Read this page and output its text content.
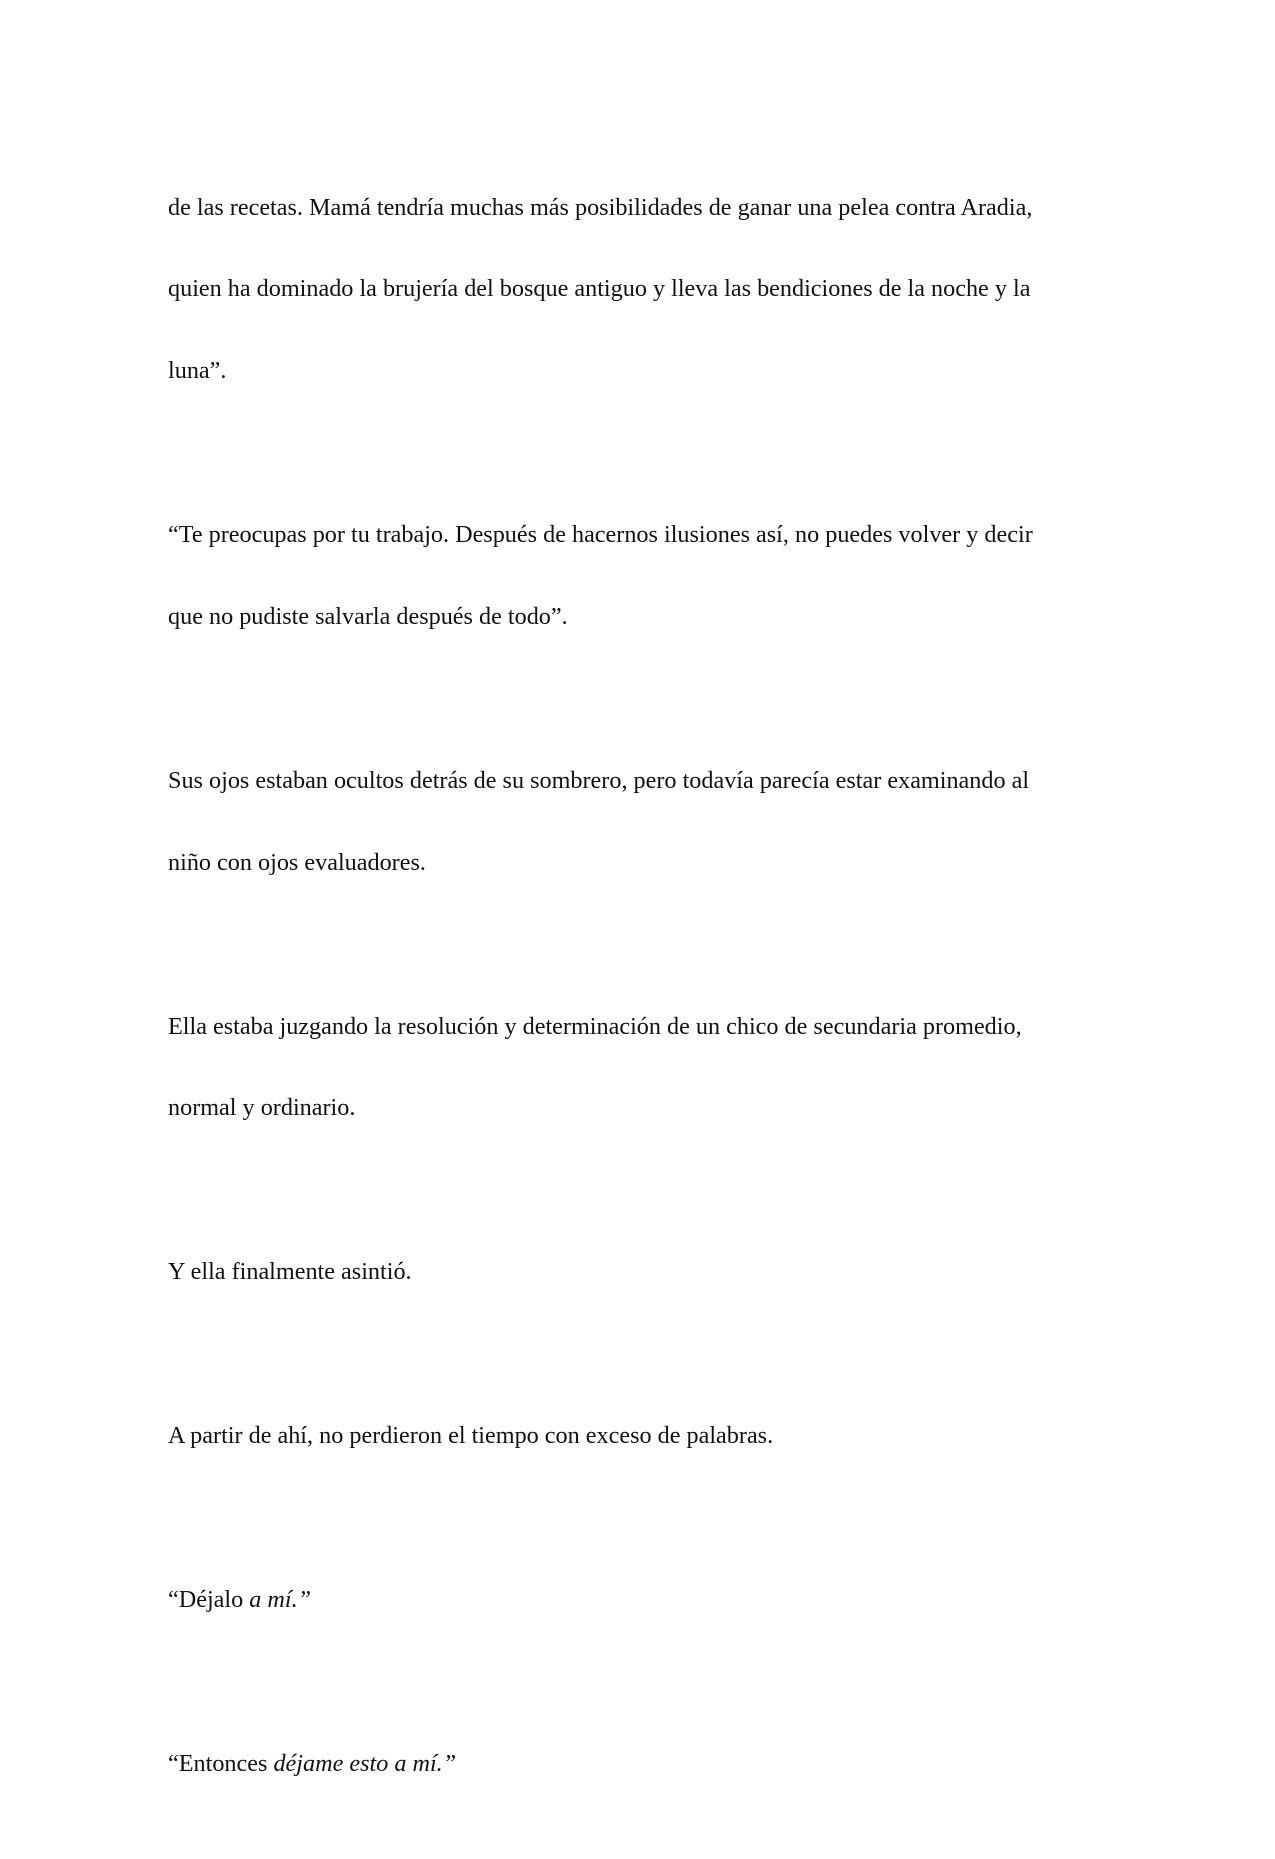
de las recetas. Mamá tendría muchas más posibilidades de ganar una pelea contra Aradia,

quien ha dominado la brujería del bosque antiguo y lleva las bendiciones de la noche y la

luna”.

“Te preocupas por tu trabajo. Después de hacernos ilusiones así, no puedes volver y decir

que no pudiste salvarla después de todo”.

Sus ojos estaban ocultos detrás de su sombrero, pero todavía parecía estar examinando al

niño con ojos evaluadores.

Ella estaba juzgando la resolución y determinación de un chico de secundaria promedio,

normal y ordinario.

Y ella finalmente asintió.

A partir de ahí, no perdieron el tiempo con exceso de palabras.

“Déjalo a mí.”

“Entonces déjame esto a mí.”
